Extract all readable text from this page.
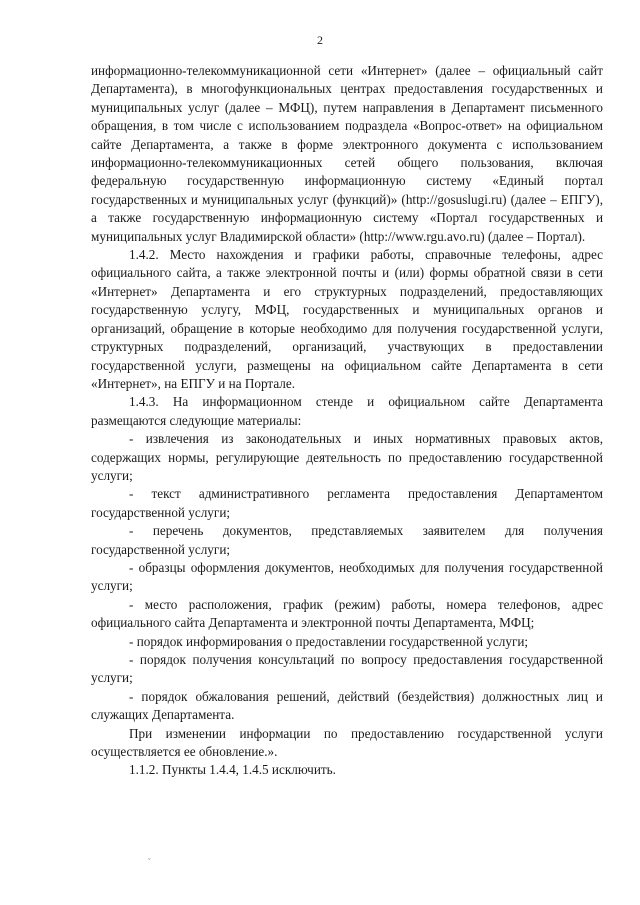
2

информационно-телекоммуникационной сети «Интернет» (далее – официальный сайт Департамента), в многофункциональных центрах предоставления государственных и муниципальных услуг (далее – МФЦ), путем направления в Департамент письменного обращения, в том числе с использованием подраздела «Вопрос-ответ» на официальном сайте Департамента, а также в форме электронного документа с использованием информационно-телекоммуникационных сетей общего пользования, включая федеральную государственную информационную систему «Единый портал государственных и муниципальных услуг (функций)» (http://gosuslugi.ru) (далее – ЕПГУ), а также государственную информационную систему «Портал государственных и муниципальных услуг Владимирской области» (http://www.rgu.avo.ru) (далее – Портал).

1.4.2. Место нахождения и графики работы, справочные телефоны, адрес официального сайта, а также электронной почты и (или) формы обратной связи в сети «Интернет» Департамента и его структурных подразделений, предоставляющих государственную услугу, МФЦ, государственных и муниципальных органов и организаций, обращение в которые необходимо для получения государственной услуги, структурных подразделений, организаций, участвующих в предоставлении государственной услуги, размещены на официальном сайте Департамента в сети «Интернет», на ЕПГУ и на Портале.

1.4.3. На информационном стенде и официальном сайте Департамента размещаются следующие материалы:

- извлечения из законодательных и иных нормативных правовых актов, содержащих нормы, регулирующие деятельность по предоставлению государственной услуги;

- текст административного регламента предоставления Департаментом государственной услуги;

- перечень документов, представляемых заявителем для получения государственной услуги;

- образцы оформления документов, необходимых для получения государственной услуги;

- место расположения, график (режим) работы, номера телефонов, адрес официального сайта Департамента и электронной почты Департамента, МФЦ;

- порядок информирования о предоставлении государственной услуги;

- порядок получения консультаций по вопросу предоставления государственной услуги;

- порядок обжалования решений, действий (бездействия) должностных лиц и служащих Департамента.

При изменении информации по предоставлению государственной услуги осуществляется ее обновление.».

1.1.2. Пункты 1.4.4, 1.4.5 исключить.

ˇ
